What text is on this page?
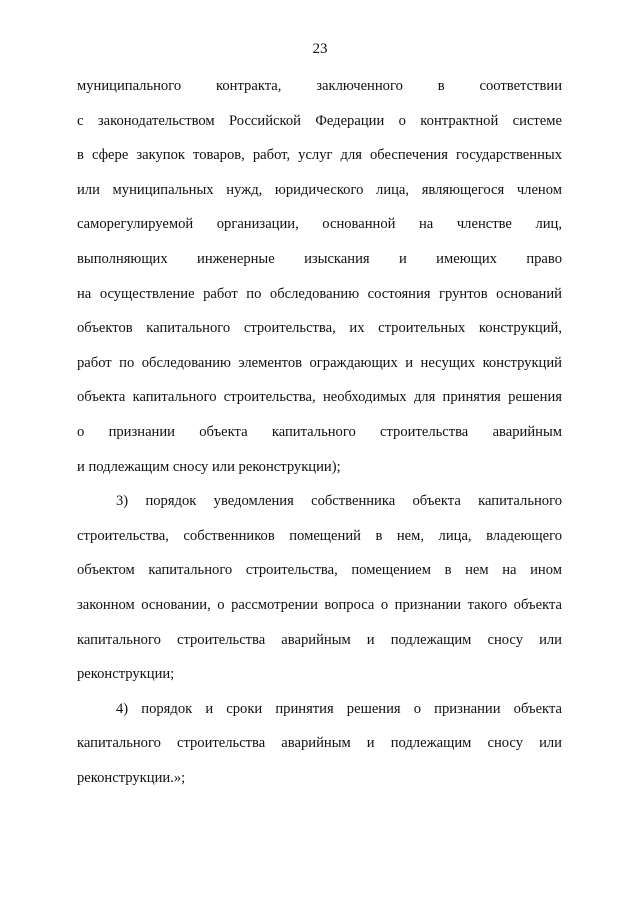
23
муниципального контракта, заключенного в соответствии
с законодательством Российской Федерации о контрактной системе
в сфере закупок товаров, работ, услуг для обеспечения государственных
или муниципальных нужд, юридического лица, являющегося членом
саморегулируемой организации, основанной на членстве лиц,
выполняющих инженерные изыскания и имеющих право
на осуществление работ по обследованию состояния грунтов оснований
объектов капитального строительства, их строительных конструкций,
работ по обследованию элементов ограждающих и несущих конструкций
объекта капитального строительства, необходимых для принятия решения
о признании объекта капитального строительства аварийным
и подлежащим сносу или реконструкции);
3) порядок уведомления собственника объекта капитального
строительства, собственников помещений в нем, лица, владеющего
объектом капитального строительства, помещением в нем на ином
законном основании, о рассмотрении вопроса о признании такого объекта
капитального строительства аварийным и подлежащим сносу или
реконструкции;
4) порядок и сроки принятия решения о признании объекта
капитального строительства аварийным и подлежащим сносу или
реконструкции.»;
